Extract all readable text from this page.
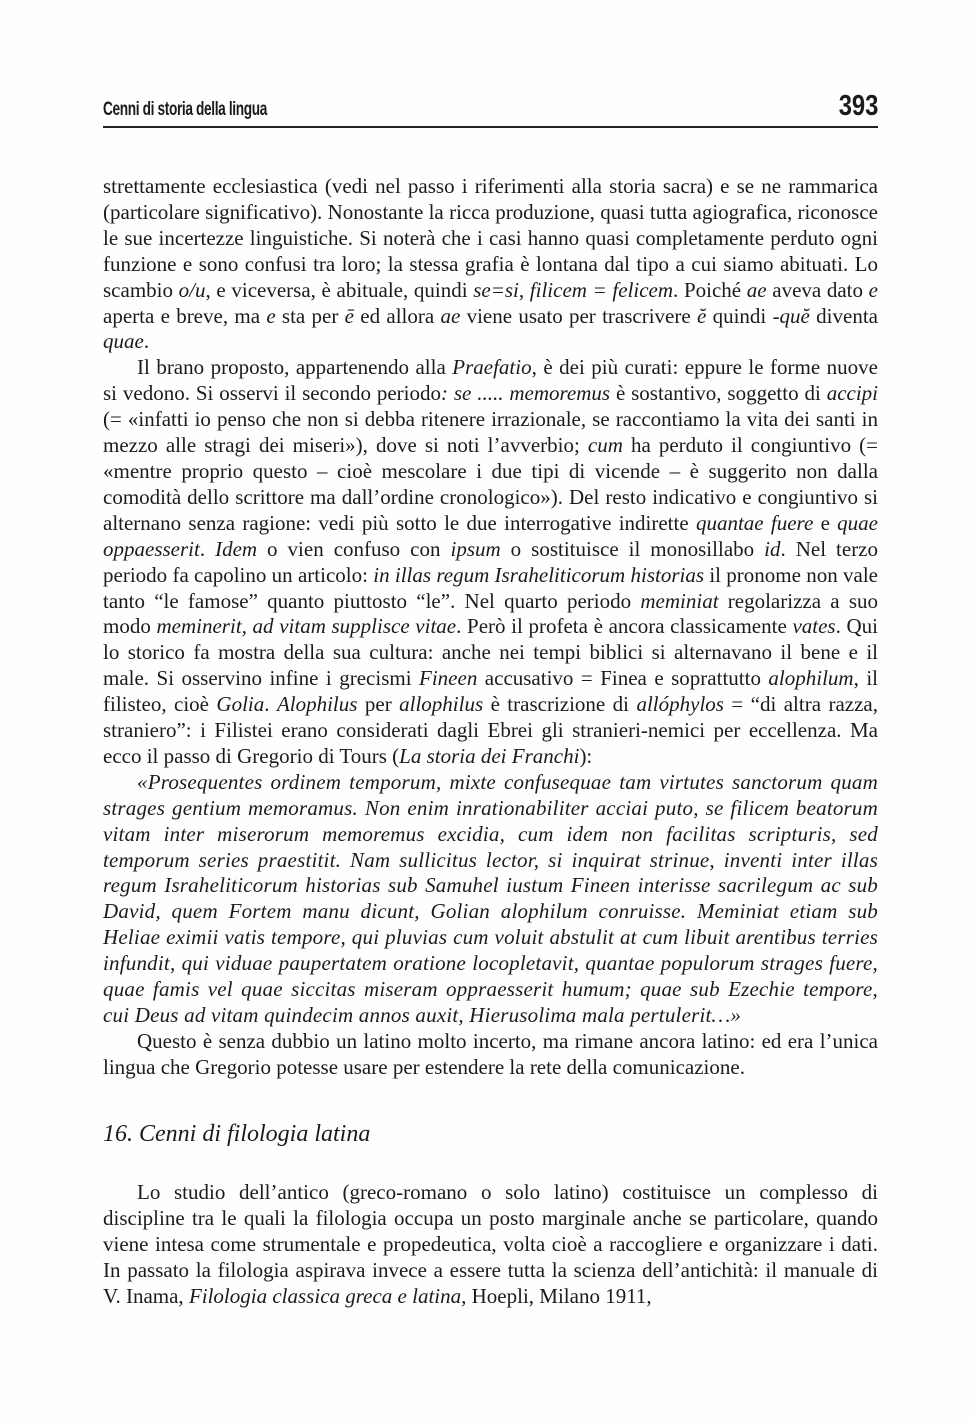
Cenni di storia della lingua	393

strettamente ecclesiastica (vedi nel passo i riferimenti alla storia sacra) e se ne rammarica (particolare significativo). Nonostante la ricca produzione, quasi tutta agiografica, riconosce le sue incertezze linguistiche. Si noterà che i casi hanno quasi completamente perduto ogni funzione e sono confusi tra loro; la stessa grafia è lontana dal tipo a cui siamo abituati. Lo scambio o/u, e viceversa, è abituale, quindi se=si, filicem = felicem. Poiché ae aveva dato e aperta e breve, ma e sta per ē ed allora ae viene usato per trascrivere ĕ quindi -quĕ diventa quae.

Il brano proposto, appartenendo alla Praefatio, è dei più curati: eppure le forme nuove si vedono. Si osservi il secondo periodo: se ..... memoremus è sostantivo, soggetto di accipi (= «infatti io penso che non si debba ritenere irrazionale, se raccontiamo la vita dei santi in mezzo alle stragi dei miseri»), dove si noti l’avverbio; cum ha perduto il congiuntivo (= «mentre proprio questo – cioè mescolare i due tipi di vicende – è suggerito non dalla comodità dello scrittore ma dall’ordine cronologico»). Del resto indicativo e congiuntivo si alternano senza ragione: vedi più sotto le due interrogative indirette quantae fuere e quae oppaesserit. Idem o vien confuso con ipsum o sostituisce il monosillabo id. Nel terzo periodo fa capolino un articolo: in illas regum Israheliticorum historias il pronome non vale tanto “le famose” quanto piuttosto “le”. Nel quarto periodo meminiat regolarizza a suo modo meminerit, ad vitam supplisce vitae. Però il profeta è ancora classicamente vates. Qui lo storico fa mostra della sua cultura: anche nei tempi biblici si alternavano il bene e il male. Si osservino infine i grecismi Fineen accusativo = Finea e soprattutto alophilum, il filisteo, cioè Golia. Alophilus per allophilus è trascrizione di allóphylos = “di altra razza, straniero”: i Filistei erano considerati dagli Ebrei gli stranieri-nemici per eccellenza. Ma ecco il passo di Gregorio di Tours (La storia dei Franchi):

«Prosequentes ordinem temporum, mixte confusequae tam virtutes sanctorum quam strages gentium memoramus. Non enim inrationabiliter acciai puto, se filicem beatorum vitam inter miserorum memoremus excidia, cum idem non facilitas scripturis, sed temporum series praestitit. Nam sullicitus lector, si inquirat strinue, inventi inter illas regum Israheliticorum historias sub Samuhel iustum Fineen interisse sacrilegum ac sub David, quem Fortem manu dicunt, Golian alophilum conruisse. Meminiat etiam sub Heliae eximii vatis tempore, qui pluvias cum voluit abstulit at cum libuit arentibus terries infundit, qui viduae paupertatem oratione locopletavit, quantae populorum strages fuere, quae famis vel quae siccitas miseram oppraesserit humum; quae sub Ezechie tempore, cui Deus ad vitam quindecim annos auxit, Hierusolima mala pertulerit…»

Questo è senza dubbio un latino molto incerto, ma rimane ancora latino: ed era l’unica lingua che Gregorio potesse usare per estendere la rete della comunicazione.

16. Cenni di filologia latina

Lo studio dell’antico (greco-romano o solo latino) costituisce un complesso di discipline tra le quali la filologia occupa un posto marginale anche se particolare, quando viene intesa come strumentale e propedeutica, volta cioè a raccogliere e organizzare i dati. In passato la filologia aspirava invece a essere tutta la scienza dell’antichità: il manuale di V. Inama, Filologia classica greca e latina, Hoepli, Milano 1911,
